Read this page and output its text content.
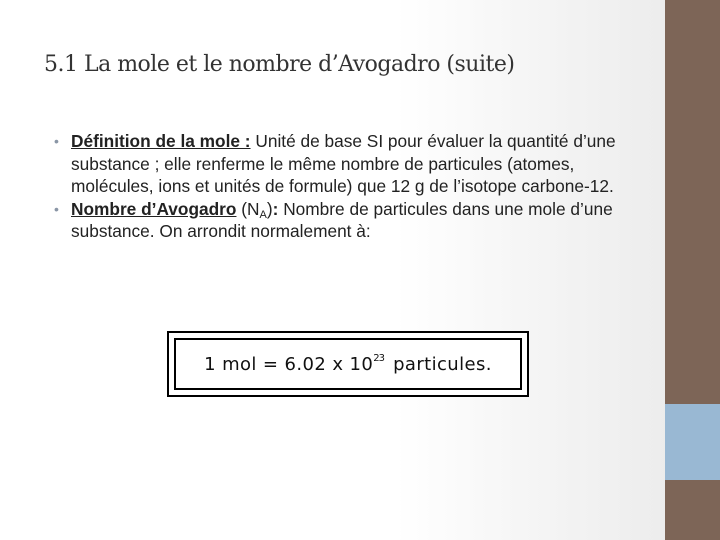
5.1 La mole et le nombre d’Avogadro (suite)
• Définition de la mole : Unité de base SI pour évaluer la quantité d’une substance ; elle renferme le même nombre de particules (atomes, molécules, ions et unités de formule) que 12 g de l’isotope carbone-12.
• Nombre d’Avogadro $(N_A)$: Nombre de particules dans une mole d’une substance. On arrondit normalement à:
1 mol = 6.02 x $10^{23}$ particules.
